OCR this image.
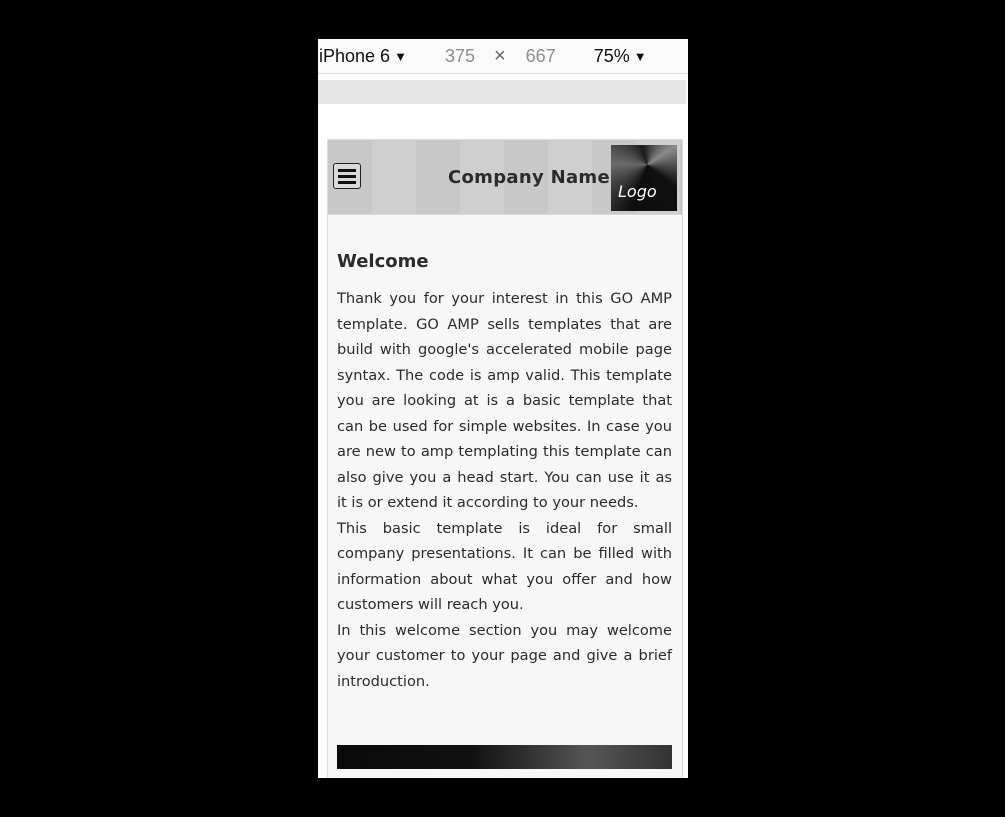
iPhone 6 ▼ 375 × 667 75% ▼
Company Name
Logo
Welcome

Thank you for your interest in this GO AMP template. GO AMP sells templates that are build with google's accelerated mobile page syntax. The code is amp valid. This template you are looking at is a basic template that can be used for simple websites. In case you are new to amp templating this template can also give you a head start. You can use it as it is or extend it according to your needs.

This basic template is ideal for small company presentations. It can be filled with information about what you offer and how customers will reach you.

In this welcome section you may welcome your customer to your page and give a brief introduction.
